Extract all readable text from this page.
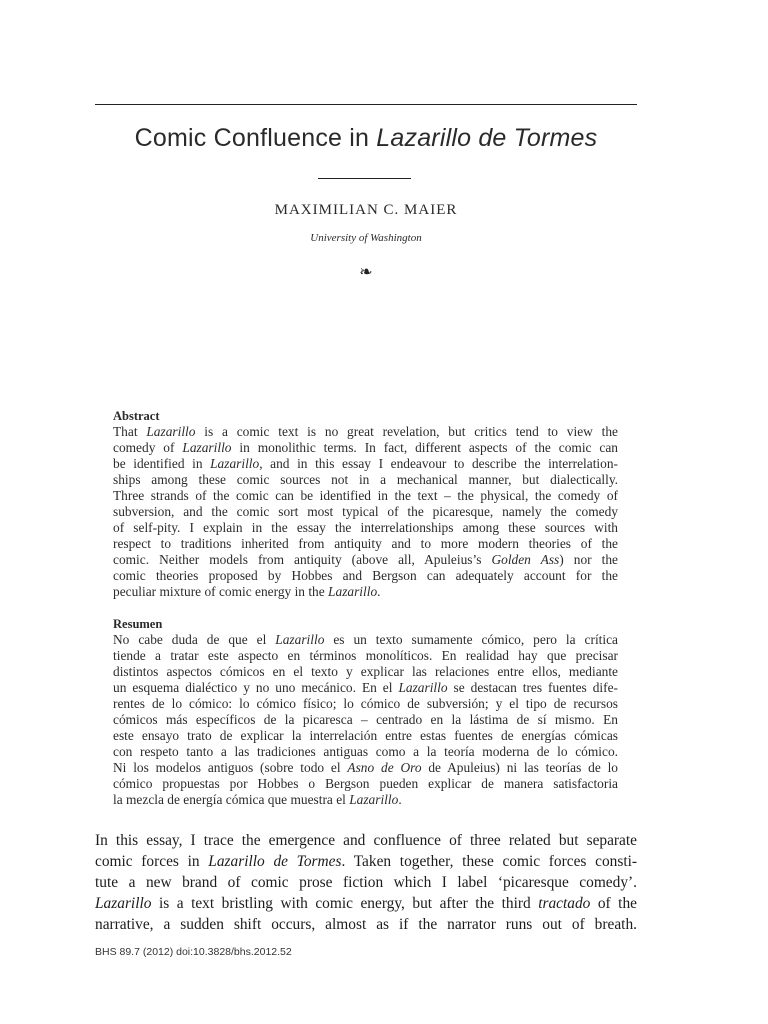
Comic Confluence in Lazarillo de Tormes
MAXIMILIAN C. MAIER
University of Washington
❧
Abstract
That Lazarillo is a comic text is no great revelation, but critics tend to view the
comedy of Lazarillo in monolithic terms. In fact, different aspects of the comic can
be identified in Lazarillo, and in this essay I endeavour to describe the interrelation-
ships among these comic sources not in a mechanical manner, but dialectically.
Three strands of the comic can be identified in the text – the physical, the comedy of
subversion, and the comic sort most typical of the picaresque, namely the comedy
of self-pity. I explain in the essay the interrelationships among these sources with
respect to traditions inherited from antiquity and to more modern theories of the
comic. Neither models from antiquity (above all, Apuleius’s Golden Ass) nor the
comic theories proposed by Hobbes and Bergson can adequately account for the
peculiar mixture of comic energy in the Lazarillo.
Resumen
No cabe duda de que el Lazarillo es un texto sumamente cómico, pero la crítica
tiende a tratar este aspecto en términos monolíticos. En realidad hay que precisar
distintos aspectos cómicos en el texto y explicar las relaciones entre ellos, mediante
un esquema dialéctico y no uno mecánico. En el Lazarillo se destacan tres fuentes dife-
rentes de lo cómico: lo cómico físico; lo cómico de subversión; y el tipo de recursos
cómicos más específicos de la picaresca – centrado en la lástima de sí mismo. En
este ensayo trato de explicar la interrelación entre estas fuentes de energías cómicas
con respeto tanto a las tradiciones antiguas como a la teoría moderna de lo cómico.
Ni los modelos antiguos (sobre todo el Asno de Oro de Apuleius) ni las teorías de lo
cómico propuestas por Hobbes o Bergson pueden explicar de manera satisfactoria
la mezcla de energía cómica que muestra el Lazarillo.
In this essay, I trace the emergence and confluence of three related but separate
comic forces in Lazarillo de Tormes. Taken together, these comic forces consti-
tute a new brand of comic prose fiction which I label ‘picaresque comedy’.
Lazarillo is a text bristling with comic energy, but after the third tractado of the
narrative, a sudden shift occurs, almost as if the narrator runs out of breath.
BHS 89.7 (2012) doi:10.3828/bhs.2012.52
